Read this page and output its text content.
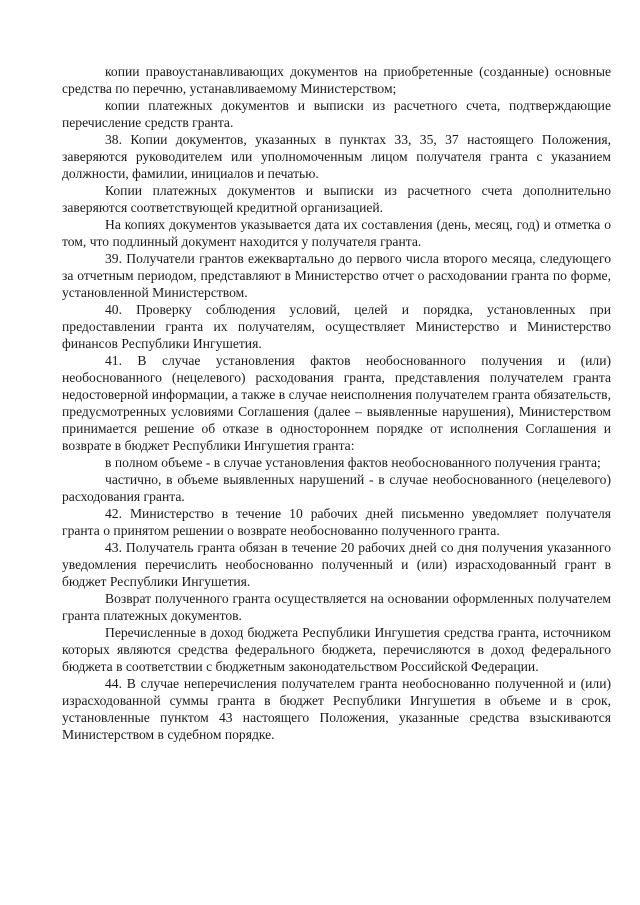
копии правоустанавливающих документов на приобретенные (созданные) основные средства по перечню, устанавливаемому Министерством;

копии платежных документов и выписки из расчетного счета, подтверждающие перечисление средств гранта.

38. Копии документов, указанных в пунктах 33, 35, 37 настоящего Положения, заверяются руководителем или уполномоченным лицом получателя гранта с указанием должности, фамилии, инициалов и печатью.

Копии платежных документов и выписки из расчетного счета дополнительно заверяются соответствующей кредитной организацией.

На копиях документов указывается дата их составления (день, месяц, год) и отметка о том, что подлинный документ находится у получателя гранта.

39. Получатели грантов ежеквартально до первого числа второго месяца, следующего за отчетным периодом, представляют в Министерство отчет о расходовании гранта по форме, установленной Министерством.

40. Проверку соблюдения условий, целей и порядка, установленных при предоставлении гранта их получателям, осуществляет Министерство и Министерство финансов Республики Ингушетия.

41. В случае установления фактов необоснованного получения и (или) необоснованного (нецелевого) расходования гранта, представления получателем гранта недостоверной информации, а также в случае неисполнения получателем гранта обязательств, предусмотренных условиями Соглашения (далее – выявленные нарушения), Министерством принимается решение об отказе в одностороннем порядке от исполнения Соглашения и возврате в бюджет Республики Ингушетия гранта:

в полном объеме - в случае установления фактов необоснованного получения гранта;

частично, в объеме выявленных нарушений - в случае необоснованного (нецелевого) расходования гранта.

42. Министерство в течение 10 рабочих дней письменно уведомляет получателя гранта о принятом решении о возврате необоснованно полученного гранта.

43. Получатель гранта обязан в течение 20 рабочих дней со дня получения указанного уведомления перечислить необоснованно полученный и (или) израсходованный грант в бюджет Республики Ингушетия.

Возврат полученного гранта осуществляется на основании оформленных получателем гранта платежных документов.

Перечисленные в доход бюджета Республики Ингушетия средства гранта, источником которых являются средства федерального бюджета, перечисляются в доход федерального бюджета в соответствии с бюджетным законодательством Российской Федерации.

44. В случае неперечисления получателем гранта необоснованно полученной и (или) израсходованной суммы гранта в бюджет Республики Ингушетия в объеме и в срок, установленные пунктом 43 настоящего Положения, указанные средства взыскиваются Министерством в судебном порядке.
